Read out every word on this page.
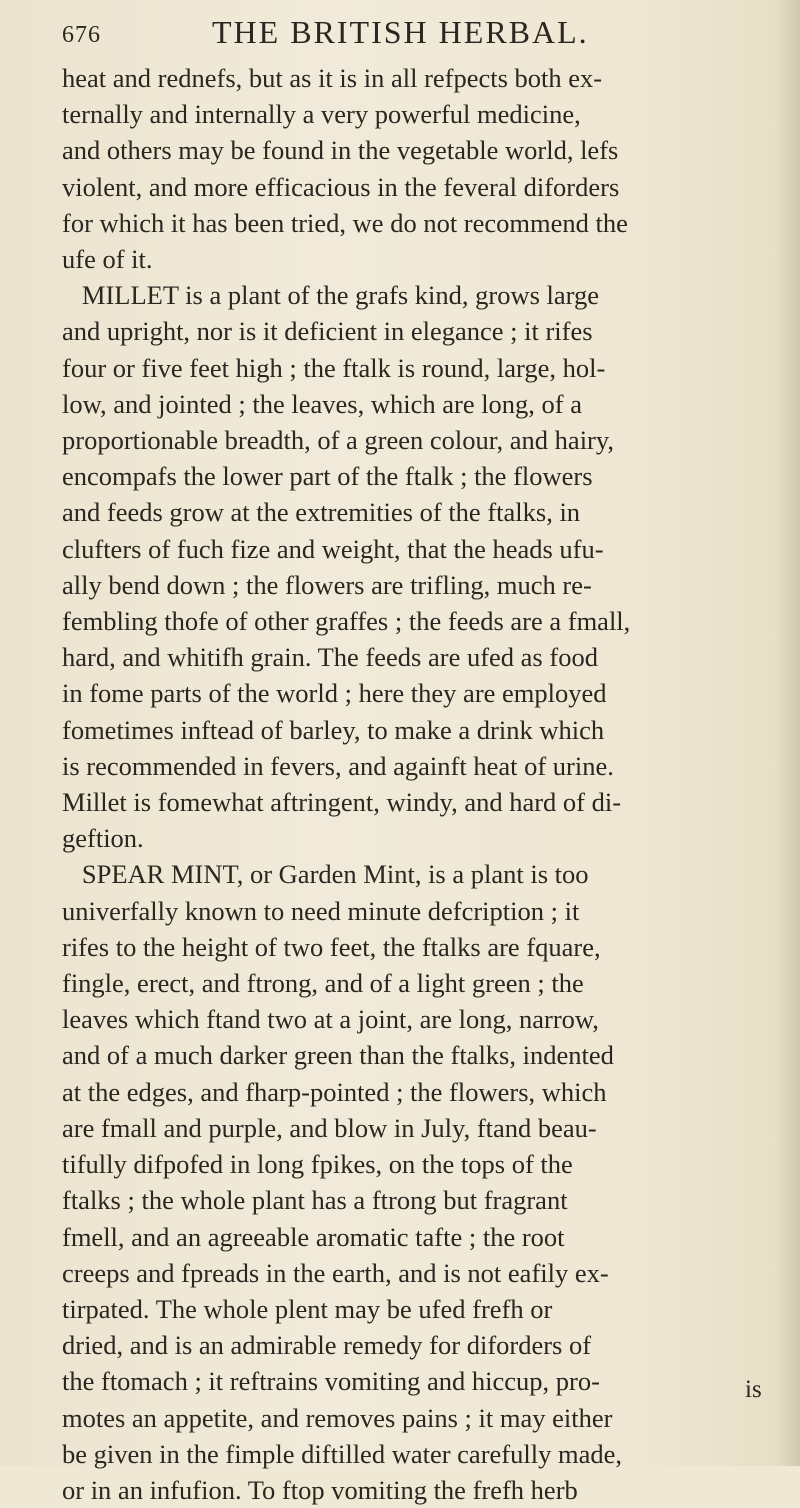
676	THE BRITISH HERBAL.
heat and rednefs, but as it is in all refpects both ex-
ternally and internally a very powerful medicine,
and others may be found in the vegetable world, lefs
violent, and more efficacious in the feveral diforders
for which it has been tried, we do not recommend the
ufe of it.
MILLET is a plant of the grafs kind, grows large
and upright, nor is it deficient in elegance ; it rifes
four or five feet high ; the ftalk is round, large, hol-
low, and jointed ; the leaves, which are long, of a
proportionable breadth, of a green colour, and hairy,
encompafs the lower part of the ftalk ; the flowers
and feeds grow at the extremities of the ftalks, in
clufters of fuch fize and weight, that the heads ufu-
ally bend down ; the flowers are trifling, much re-
fembling thofe of other graffes ; the feeds are a fmall,
hard, and whitifh grain. The feeds are ufed as food
in fome parts of the world ; here they are employed
fometimes inftead of barley, to make a drink which
is recommended in fevers, and againft heat of urine.
Millet is fomewhat aftringent, windy, and hard of di-
geftion.
SPEAR MINT, or Garden Mint, is a plant is too
univerfally known to need minute defcription ; it
rifes to the height of two feet, the ftalks are fquare,
fingle, erect, and ftrong, and of a light green ; the
leaves which ftand two at a joint, are long, narrow,
and of a much darker green than the ftalks, indented
at the edges, and fharp-pointed ; the flowers, which
are fmall and purple, and blow in July, ftand beau-
tifully difpofed in long fpikes, on the tops of the
ftalks ; the whole plant has a ftrong but fragrant
fmell, and an agreeable aromatic tafte ; the root
creeps and fpreads in the earth, and is not eafily ex-
tirpated. The whole plent may be ufed frefh or
dried, and is an admirable remedy for diforders of
the ftomach ; it reftrains vomiting and hiccup, pro-
motes an appetite, and removes pains ; it may either
be given in the fimple diftilled water carefully made,
or in an infufion. To ftop vomiting the frefh herb
is
